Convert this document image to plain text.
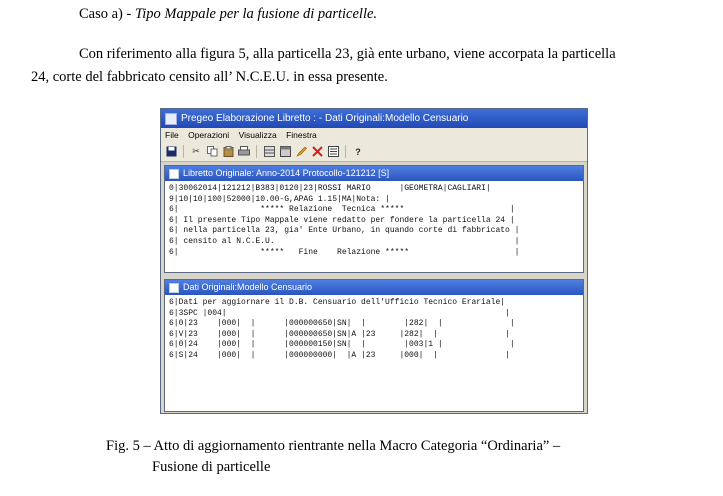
Caso a) - Tipo Mappale per la fusione di particelle.
Con riferimento alla figura 5, alla particella 23, già ente urbano, viene accorpata la particella
24, corte del fabbricato censito all’ N.C.E.U. in essa presente.
Pregeo Elaborazione Libretto : - Dati Originali:Modello Censuario
File Operazioni Visualizza Finestra
✂	?
Libretto Originale: Anno-2014 Protocollo-121212 [S]
0|30062014|121212|B383|0120|23|ROSSI MARIO      |GEOMETRA|CAGLIARI|
9|10|10|100|52000|10.00-G,APAG 1.15|MA|Nota: |
6|                 ***** Relazione  Tecnica *****                      |
6| Il presente Tipo Mappale viene redatto per fondere la particella 24 |
6| nella particella 23, gia' Ente Urbano, in quando corte di fabbricato |
6| censito al N.C.E.U.                                                  |
6|                 *****   Fine    Relazione *****                      |
Dati Originali:Modello Censuario
6|Dati per aggiornare il D.B. Censuario dell'Ufficio Tecnico Erariale|
6|3SPC |004|                                                          |
6|0|23    |000|  |      |000000650|SN|  |        |282|  |              |
6|V|23    |000|  |      |000000650|SN|A |23     |282|  |              |
6|0|24    |000|  |      |000000150|SN|  |        |003|1 |              |
6|S|24    |000|  |      |000000000|  |A |23     |000|  |              |
Fig. 5 – Atto di aggiornamento rientrante nella Macro Categoria “Ordinaria” –
Fusione di particelle
